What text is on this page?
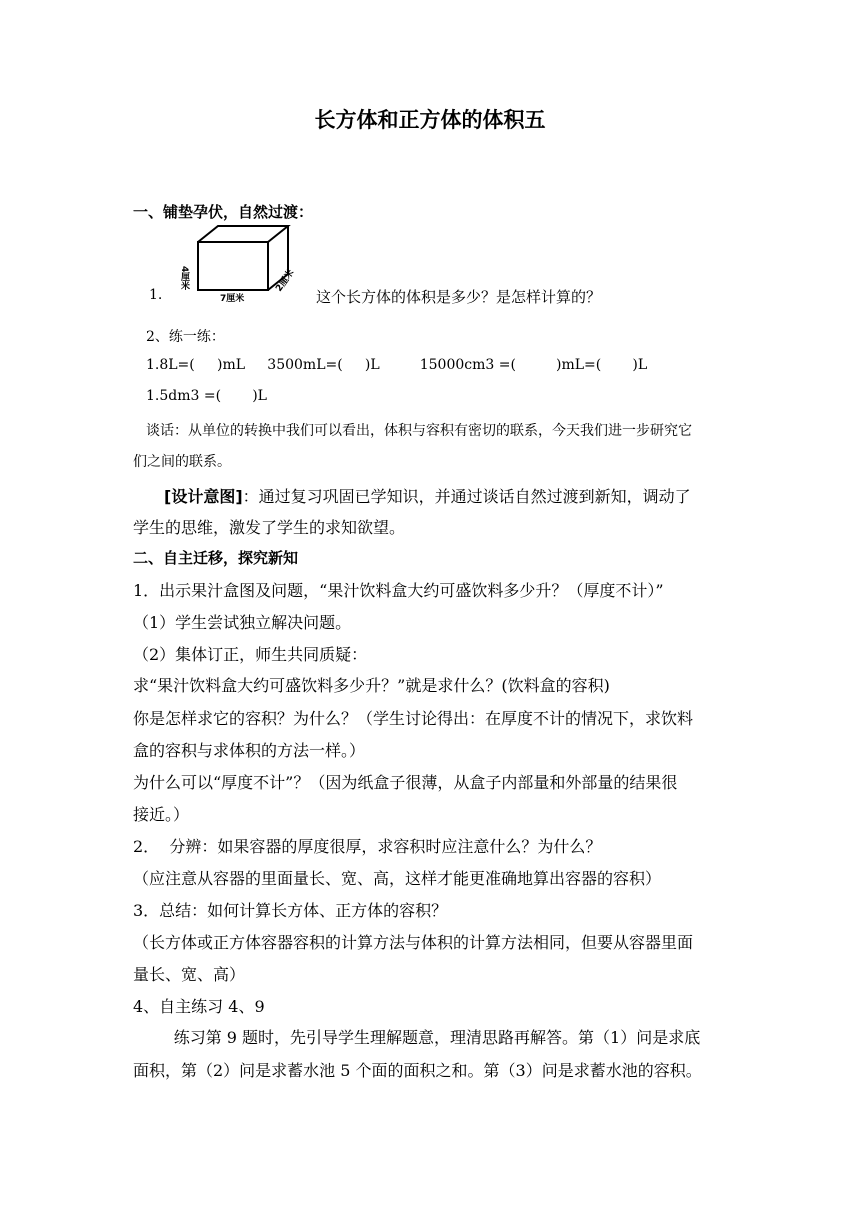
长方体和正方体的体积五
一、铺垫孕伏，自然过渡：
4厘米
7厘米
2厘米
1.	这个长方体的体积是多少？是怎样计算的？
2、练一练：
1.8L=(     )mL     3500mL=(     )L         15000cm3 =(         )mL=(       )L
1.5dm3 =(       )L
谈话：从单位的转换中我们可以看出，体积与容积有密切的联系，今天我们进一步研究它
们之间的联系。
[设计意图]：通过复习巩固已学知识，并通过谈话自然过渡到新知，调动了
学生的思维，激发了学生的求知欲望。
二、自主迁移，探究新知
1．出示果汁盒图及问题，“果汁饮料盒大约可盛饮料多少升？（厚度不计）”
（1）学生尝试独立解决问题。
（2）集体订正，师生共同质疑：
求“果汁饮料盒大约可盛饮料多少升？”就是求什么？(饮料盒的容积)
你是怎样求它的容积？为什么？（学生讨论得出：在厚度不计的情况下，求饮料
盒的容积与求体积的方法一样。）
为什么可以“厚度不计”？（因为纸盒子很薄，从盒子内部量和外部量的结果很
接近。）
2．  分辨：如果容器的厚度很厚，求容积时应注意什么？为什么？
（应注意从容器的里面量长、宽、高，这样才能更准确地算出容器的容积）
3．总结：如何计算长方体、正方体的容积？
（长方体或正方体容器容积的计算方法与体积的计算方法相同，但要从容器里面
量长、宽、高）
4、自主练习 4、9
练习第 9 题时，先引导学生理解题意，理清思路再解答。第（1）问是求底
面积，第（2）问是求蓄水池 5 个面的面积之和。第（3）问是求蓄水池的容积。
